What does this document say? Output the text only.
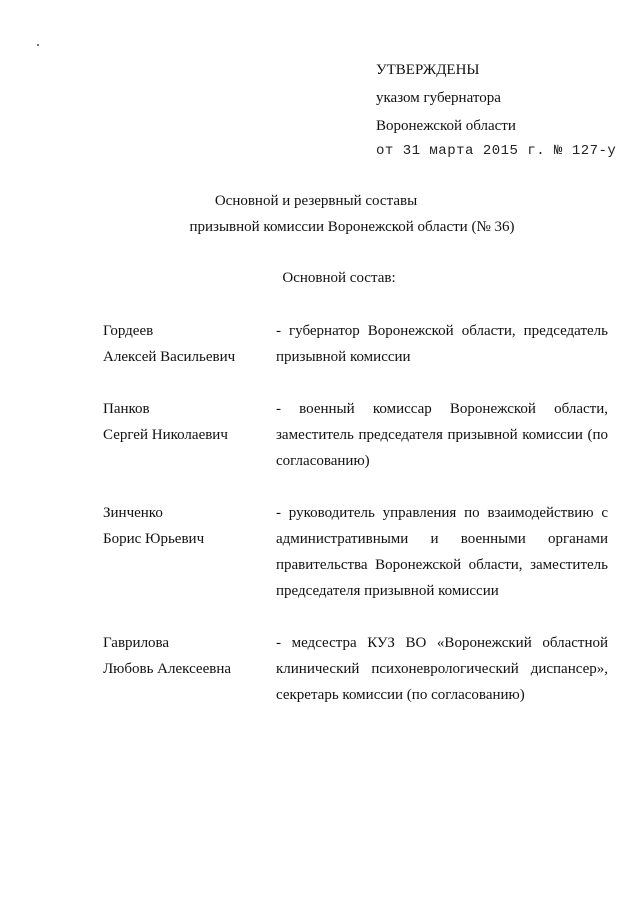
УТВЕРЖДЕНЫ
указом губернатора
Воронежской области
от 31 марта 2015 г. № 127-у
Основной и резервный составы
призывной комиссии Воронежской области (№ 36)
Основной состав:
Гордеев
Алексей Васильевич
- губернатор Воронежской области, председатель призывной комиссии
Панков
Сергей Николаевич
- военный комиссар Воронежской области, заместитель председателя призывной комиссии (по согласованию)
Зинченко
Борис Юрьевич
- руководитель управления по взаимодействию с административными и военными органами правительства Воронежской области, заместитель председателя призывной комиссии
Гаврилова
Любовь Алексеевна
- медсестра КУЗ ВО «Воронежский областной клинический психоневрологический диспансер», секретарь комиссии (по согласованию)
